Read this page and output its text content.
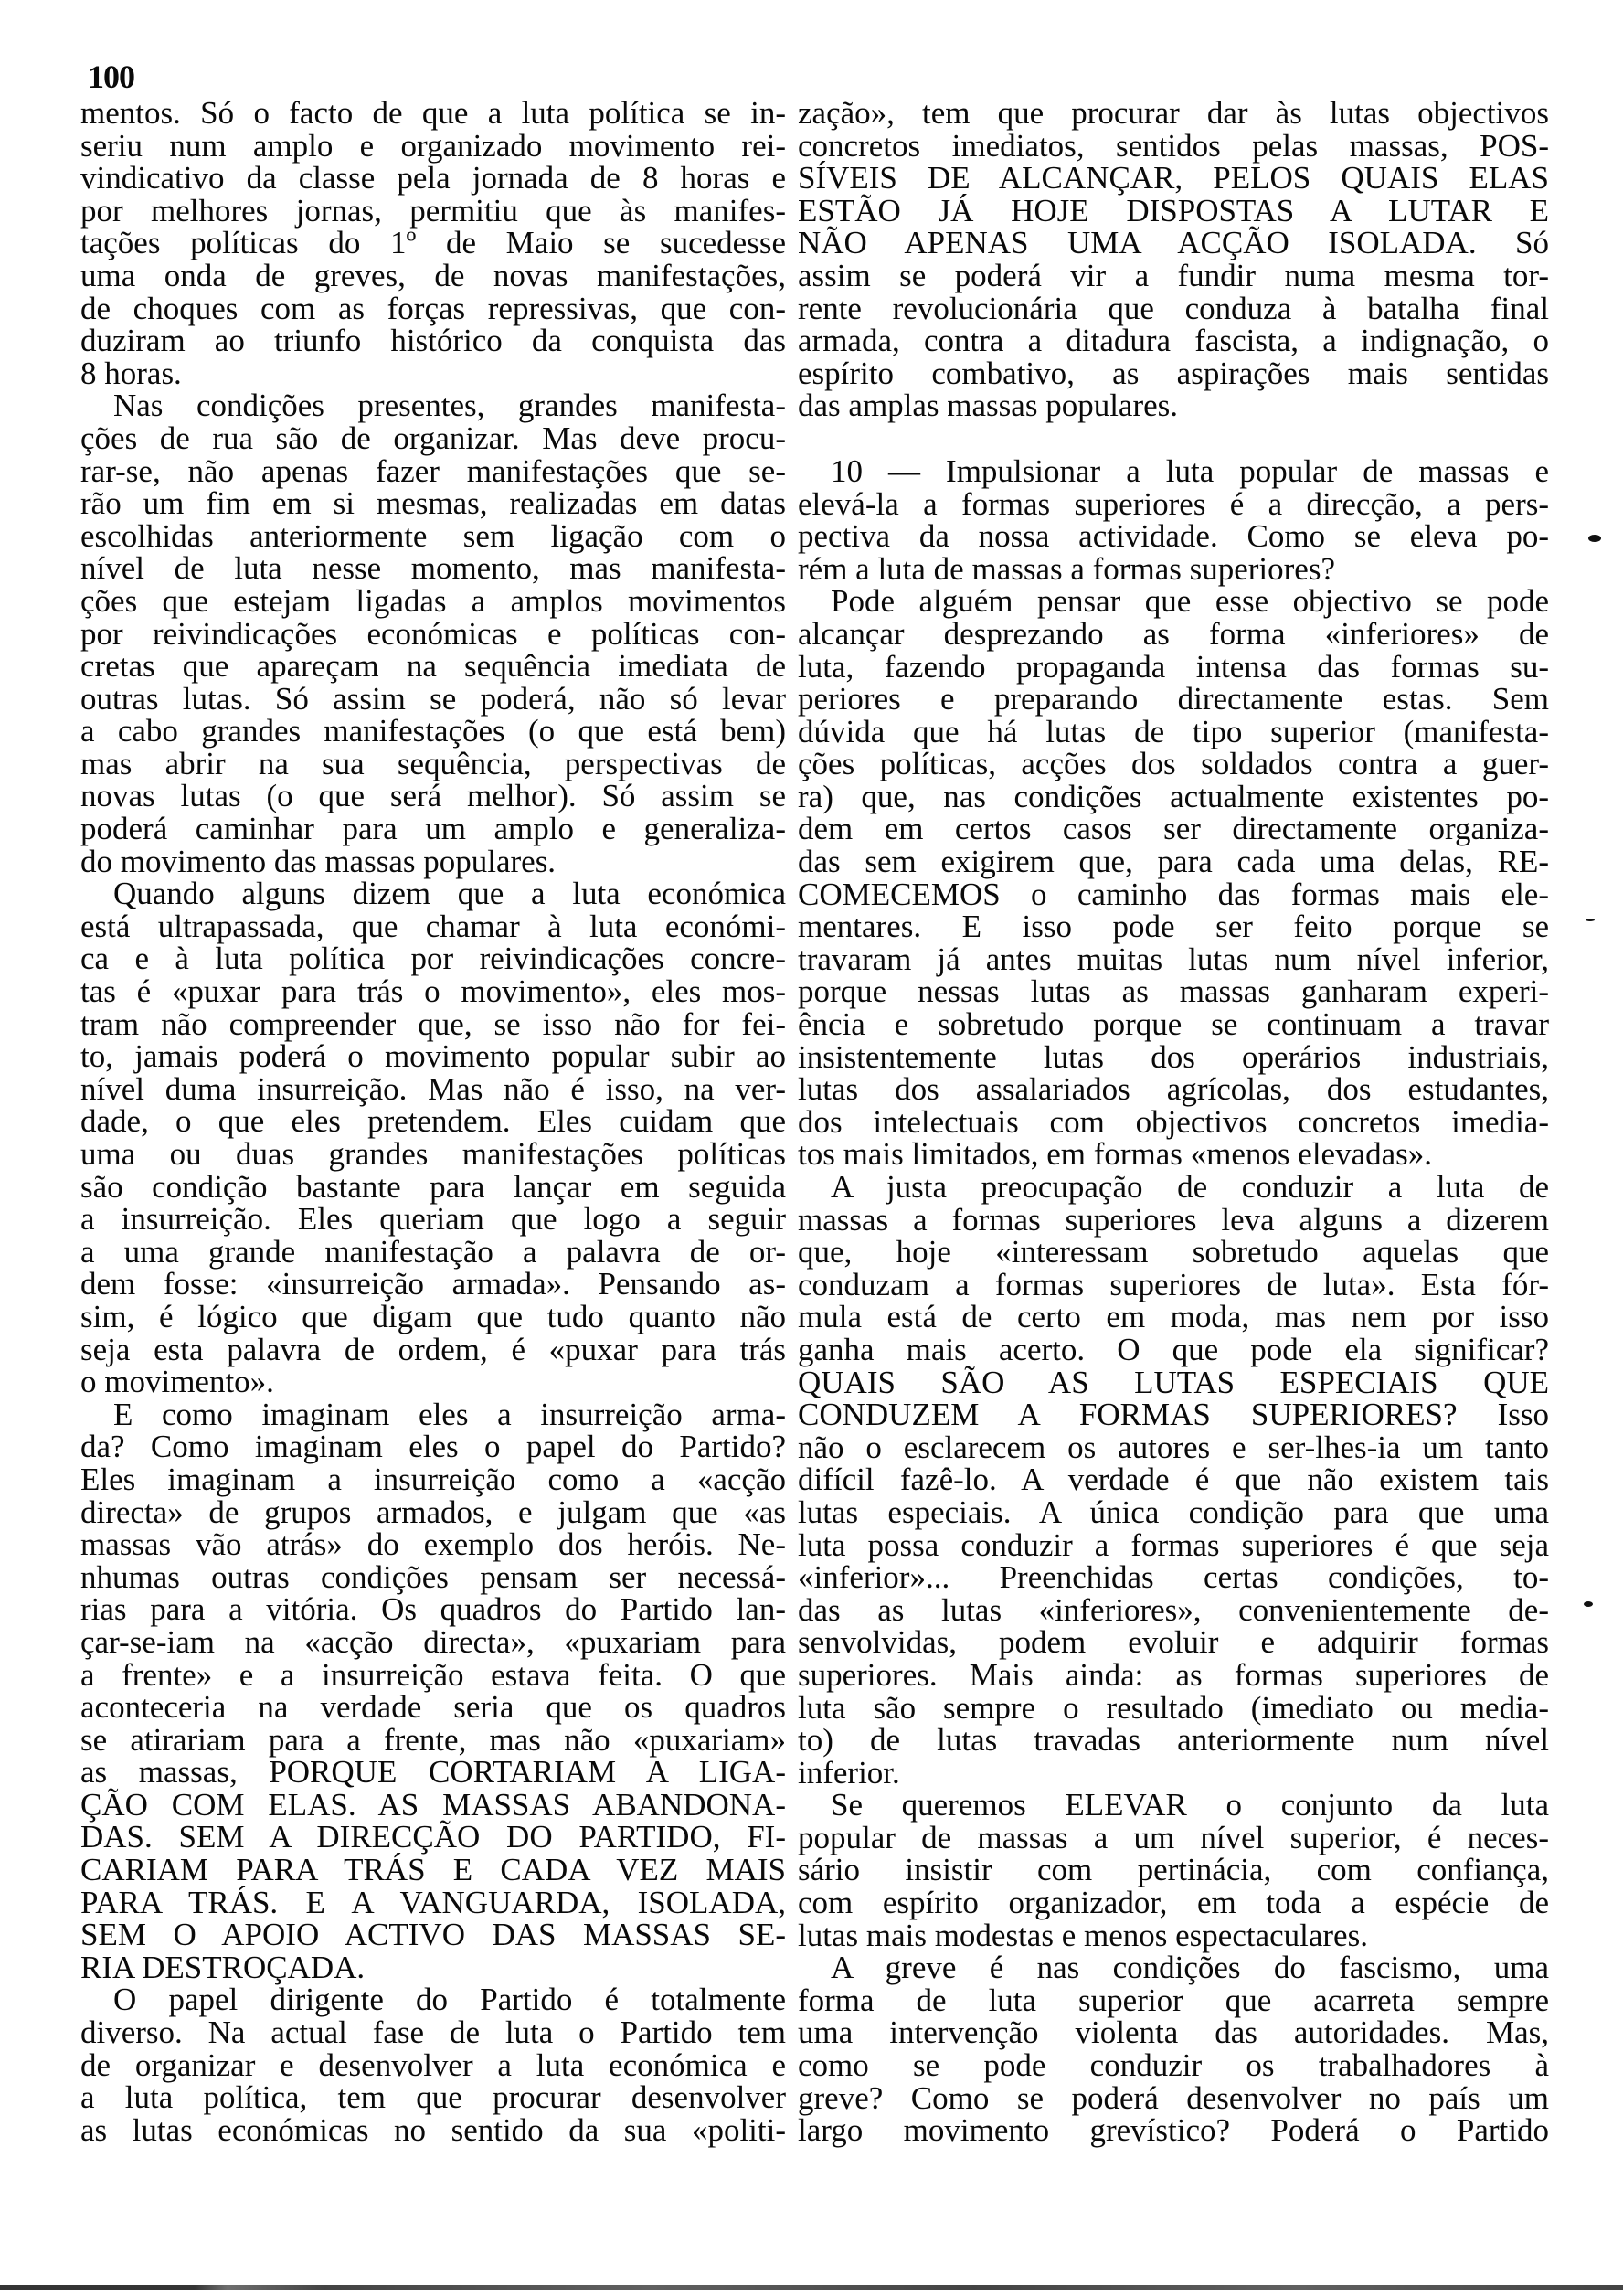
100
mentos. Só o facto de que a luta política se in-
seriu num amplo e organizado movimento rei-
vindicativo da classe pela jornada de 8 horas e
por melhores jornas, permitiu que às manifes-
tações políticas do 1º de Maio se sucedesse
uma onda de greves, de novas manifestações,
de choques com as forças repressivas, que con-
duziram ao triunfo histórico da conquista das
8 horas.
Nas condições presentes, grandes manifesta-
ções de rua são de organizar. Mas deve procu-
rar-se, não apenas fazer manifestações que se-
rão um fim em si mesmas, realizadas em datas
escolhidas anteriormente sem ligação com o
nível de luta nesse momento, mas manifesta-
ções que estejam ligadas a amplos movimentos
por reivindicações económicas e políticas con-
cretas que apareçam na sequência imediata de
outras lutas. Só assim se poderá, não só levar
a cabo grandes manifestações (o que está bem)
mas abrir na sua sequência, perspectivas de
novas lutas (o que será melhor). Só assim se
poderá caminhar para um amplo e generaliza-
do movimento das massas populares.
Quando alguns dizem que a luta económica
está ultrapassada, que chamar à luta económi-
ca e à luta política por reivindicações concre-
tas é «puxar para trás o movimento», eles mos-
tram não compreender que, se isso não for fei-
to, jamais poderá o movimento popular subir ao
nível duma insurreição. Mas não é isso, na ver-
dade, o que eles pretendem. Eles cuidam que
uma ou duas grandes manifestações políticas
são condição bastante para lançar em seguida
a insurreição. Eles queriam que logo a seguir
a uma grande manifestação a palavra de or-
dem fosse: «insurreição armada». Pensando as-
sim, é lógico que digam que tudo quanto não
seja esta palavra de ordem, é «puxar para trás
o movimento».
E como imaginam eles a insurreição arma-
da? Como imaginam eles o papel do Partido?
Eles imaginam a insurreição como a «acção
directa» de grupos armados, e julgam que «as
massas vão atrás» do exemplo dos heróis. Ne-
nhumas outras condições pensam ser necessá-
rias para a vitória. Os quadros do Partido lan-
çar-se-iam na «acção directa», «puxariam para
a frente» e a insurreição estava feita. O que
aconteceria na verdade seria que os quadros
se atirariam para a frente, mas não «puxariam»
as massas, PORQUE CORTARIAM A LIGA-
ÇÃO COM ELAS. AS MASSAS ABANDONA-
DAS. SEM A DIRECÇÃO DO PARTIDO, FI-
CARIAM PARA TRÁS E CADA VEZ MAIS
PARA TRÁS. E A VANGUARDA, ISOLADA,
SEM O APOIO ACTIVO DAS MASSAS SE-
RIA DESTROÇADA.
O papel dirigente do Partido é totalmente
diverso. Na actual fase de luta o Partido tem
de organizar e desenvolver a luta económica e
a luta política, tem que procurar desenvolver
as lutas económicas no sentido da sua «politi-
zação», tem que procurar dar às lutas objectivos
concretos imediatos, sentidos pelas massas, POS-
SÍVEIS DE ALCANÇAR, PELOS QUAIS ELAS
ESTÃO JÁ HOJE DISPOSTAS A LUTAR E
NÃO APENAS UMA ACÇÃO ISOLADA. Só
assim se poderá vir a fundir numa mesma tor-
rente revolucionária que conduza à batalha final
armada, contra a ditadura fascista, a indignação, o
espírito combativo, as aspirações mais sentidas
das amplas massas populares.
10 — Impulsionar a luta popular de massas e
elevá-la a formas superiores é a direcção, a pers-
pectiva da nossa actividade. Como se eleva po-
rém a luta de massas a formas superiores?
Pode alguém pensar que esse objectivo se pode
alcançar desprezando as forma «inferiores» de
luta, fazendo propaganda intensa das formas su-
periores e preparando directamente estas. Sem
dúvida que há lutas de tipo superior (manifesta-
ções políticas, acções dos soldados contra a guer-
ra) que, nas condições actualmente existentes po-
dem em certos casos ser directamente organiza-
das sem exigirem que, para cada uma delas, RE-
COMECEMOS o caminho das formas mais ele-
mentares. E isso pode ser feito porque se
travaram já antes muitas lutas num nível inferior,
porque nessas lutas as massas ganharam experi-
ência e sobretudo porque se continuam a travar
insistentemente lutas dos operários industriais,
lutas dos assalariados agrícolas, dos estudantes,
dos intelectuais com objectivos concretos imedia-
tos mais limitados, em formas «menos elevadas».
A justa preocupação de conduzir a luta de
massas a formas superiores leva alguns a dizerem
que, hoje «interessam sobretudo aquelas que
conduzam a formas superiores de luta». Esta fór-
mula está de certo em moda, mas nem por isso
ganha mais acerto. O que pode ela significar?
QUAIS SÃO AS LUTAS ESPECIAIS QUE
CONDUZEM A FORMAS SUPERIORES? Isso
não o esclarecem os autores e ser-lhes-ia um tanto
difícil fazê-lo. A verdade é que não existem tais
lutas especiais. A única condição para que uma
luta possa conduzir a formas superiores é que seja
«inferior»... Preenchidas certas condições, to-
das as lutas «inferiores», convenientemente de-
senvolvidas, podem evoluir e adquirir formas
superiores. Mais ainda: as formas superiores de
luta são sempre o resultado (imediato ou media-
to) de lutas travadas anteriormente num nível
inferior.
Se queremos ELEVAR o conjunto da luta
popular de massas a um nível superior, é neces-
sário insistir com pertinácia, com confiança,
com espírito organizador, em toda a espécie de
lutas mais modestas e menos espectaculares.
A greve é nas condições do fascismo, uma
forma de luta superior que acarreta sempre
uma intervenção violenta das autoridades. Mas,
como se pode conduzir os trabalhadores à
greve? Como se poderá desenvolver no país um
largo movimento grevístico? Poderá o Partido
